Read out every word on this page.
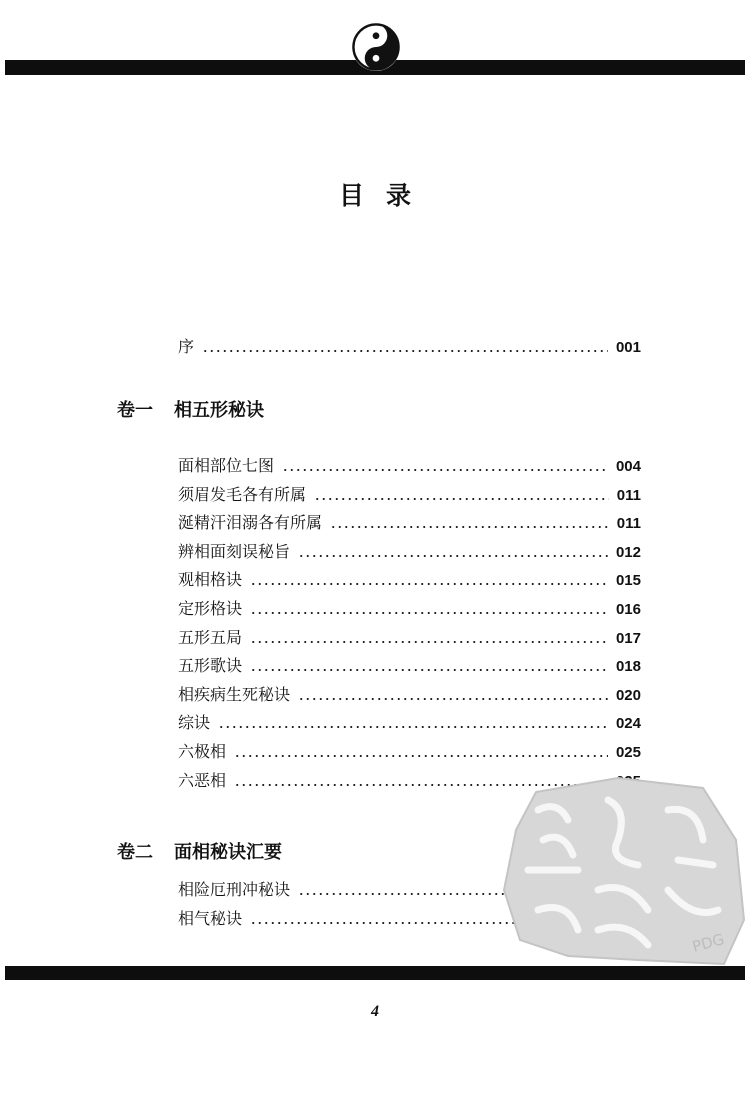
目录
序	001
卷一 相五形秘诀
面相部位七图	004
须眉发毛各有所属	011
涎精汗泪溺各有所属	011
辨相面刻误秘旨	012
观相格诀	015
定形格诀	016
五形五局	017
五形歌诀	018
相疾病生死秘诀	020
综诀	024
六极相	025
六恶相
卷二 面相秘诀汇要
相险厄刑冲秘诀
相气秘诀
PDG
4
